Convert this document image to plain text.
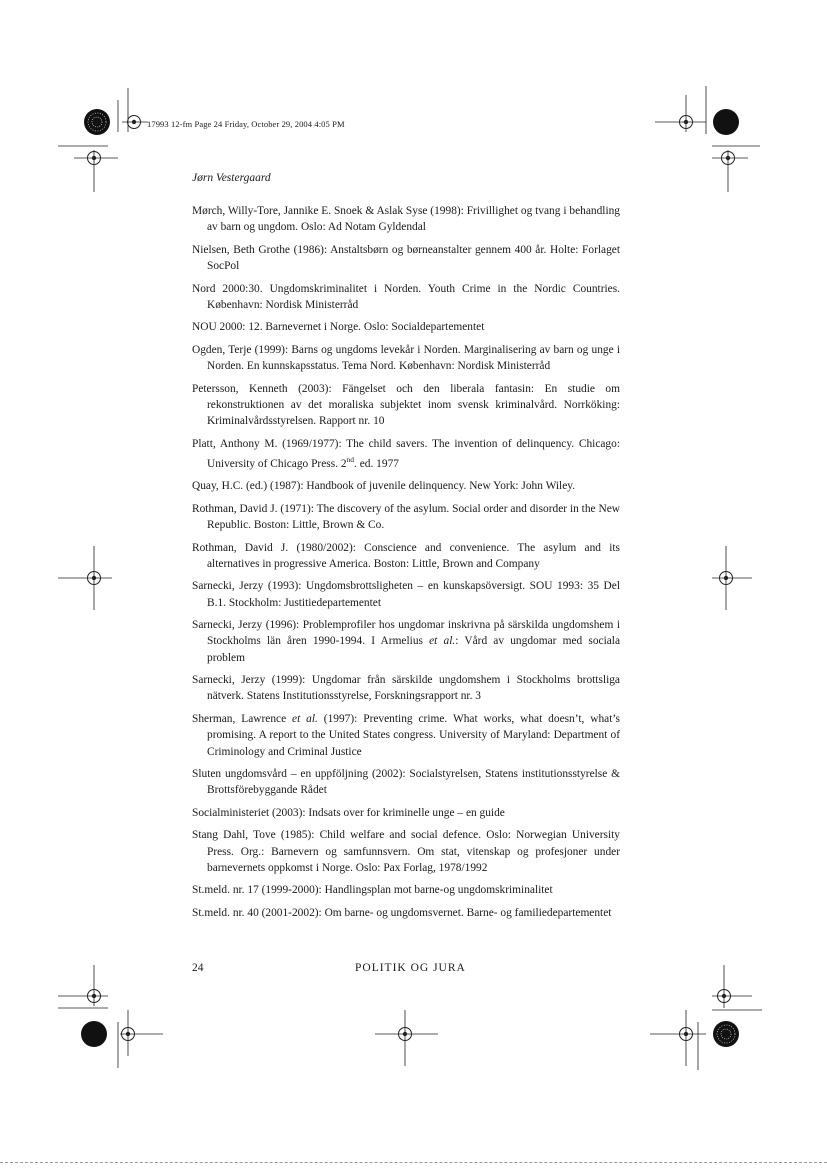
17993 12-fm Page 24 Friday, October 29, 2004 4:05 PM
Jørn Vestergaard

Mørch, Willy-Tore, Jannike E. Snoek & Aslak Syse (1998): Frivillighet og tvang i behandling av barn og ungdom. Oslo: Ad Notam Gyldendal

Nielsen, Beth Grothe (1986): Anstaltsbørn og børneanstalter gennem 400 år. Holte: Forlaget SocPol

Nord 2000:30. Ungdomskriminalitet i Norden. Youth Crime in the Nordic Countries. København: Nordisk Ministerråd

NOU 2000: 12. Barnevernet i Norge. Oslo: Socialdepartementet

Ogden, Terje (1999): Barns og ungdoms levekår i Norden. Marginalisering av barn og unge i Norden. En kunnskapsstatus. Tema Nord. København: Nordisk Ministerråd

Petersson, Kenneth (2003): Fängelset och den liberala fantasin: En studie om rekonstruktionen av det moraliska subjektet inom svensk kriminalvård. Norrköking: Kriminalvårdsstyrelsen. Rapport nr. 10

Platt, Anthony M. (1969/1977): The child savers. The invention of delinquency. Chicago: University of Chicago Press. 2nd. ed. 1977

Quay, H.C. (ed.) (1987): Handbook of juvenile delinquency. New York: John Wiley.

Rothman, David J. (1971): The discovery of the asylum. Social order and disorder in the New Republic. Boston: Little, Brown & Co.

Rothman, David J. (1980/2002): Conscience and convenience. The asylum and its alternatives in progressive America. Boston: Little, Brown and Company

Sarnecki, Jerzy (1993): Ungdomsbrottsligheten – en kunskapsöversigt. SOU 1993: 35 Del B.1. Stockholm: Justitiedepartementet

Sarnecki, Jerzy (1996): Problemprofiler hos ungdomar inskrivna på särskilda ungdomshem i Stockholms län åren 1990-1994. I Armelius et al.: Vård av ungdomar med sociala problem

Sarnecki, Jerzy (1999): Ungdomar från särskilde ungdomshem i Stockholms brottsliga nätverk. Statens Institutionsstyrelse, Forskningsrapport nr. 3

Sherman, Lawrence et al. (1997): Preventing crime. What works, what doesn’t, what’s promising. A report to the United States congress. University of Maryland: Department of Criminology and Criminal Justice

Sluten ungdomsvård – en uppföljning (2002): Socialstyrelsen, Statens institutionsstyrelse & Brottsförebyggande Rådet

Socialministeriet (2003): Indsats over for kriminelle unge – en guide

Stang Dahl, Tove (1985): Child welfare and social defence. Oslo: Norwegian University Press. Org.: Barnevern og samfunnsvern. Om stat, vitenskap og profesjoner under barnevernets oppkomst i Norge. Oslo: Pax Forlag, 1978/1992

St.meld. nr. 17 (1999-2000): Handlingsplan mot barne-og ungdomskriminalitet

St.meld. nr. 40 (2001-2002): Om barne- og ungdomsvernet. Barne- og familiedepartementet

24	POLITIK OG JURA
